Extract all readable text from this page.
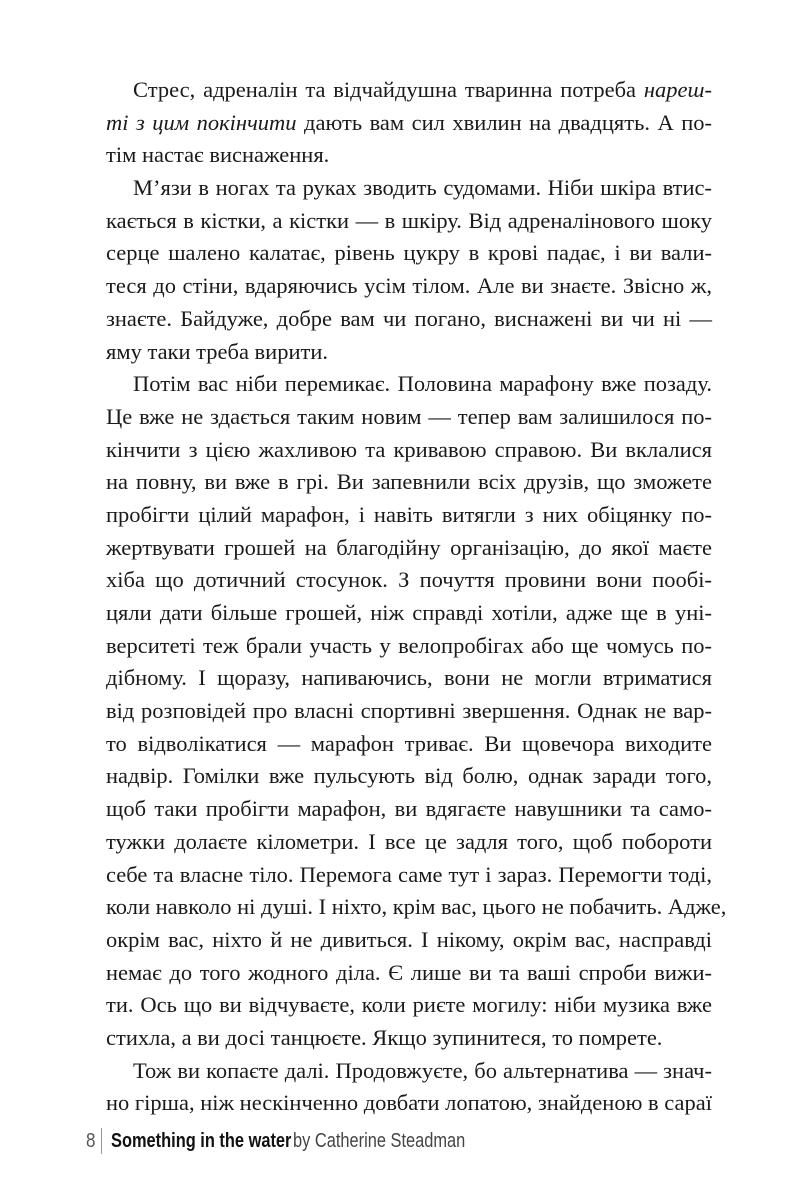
Стрес, адреналін та відчайдушна тваринна потреба нареш-
ті з цим покінчити дають вам сил хвилин на двадцять. А по-
тім настає виснаження.
М’язи в ногах та руках зводить судомами. Ніби шкіра втис-
кається в кістки, а кістки — в шкіру. Від адреналінового шоку
серце шалено калатає, рівень цукру в крові падає, і ви вали-
теся до стіни, вдаряючись усім тілом. Але ви знаєте. Звісно ж,
знаєте. Байдуже, добре вам чи погано, виснажені ви чи ні —
яму таки треба вирити.
Потім вас ніби перемикає. Половина марафону вже позаду.
Це вже не здається таким новим — тепер вам залишилося по-
кінчити з цією жахливою та кривавою справою. Ви вклалися
на повну, ви вже в грі. Ви запевнили всіх друзів, що зможете
пробігти цілий марафон, і навіть витягли з них обіцянку по-
жертвувати грошей на благодійну організацію, до якої маєте
хіба що дотичний стосунок. З почуття провини вони пообі-
цяли дати більше грошей, ніж справді хотіли, адже ще в уні-
верситеті теж брали участь у велопробігах або ще чомусь по-
дібному. І щоразу, напиваючись, вони не могли втриматися
від розповідей про власні спортивні звершення. Однак не вар-
то відволікатися — марафон триває. Ви щовечора виходите
надвір. Гомілки вже пульсують від болю, однак заради того,
щоб таки пробігти марафон, ви вдягаєте навушники та само-
тужки долаєте кілометри. І все це задля того, щоб побороти
себе та власне тіло. Перемога саме тут і зараз. Перемогти тоді,
коли навколо ні душі. І ніхто, крім вас, цього не побачить. Адже,
окрім вас, ніхто й не дивиться. І нікому, окрім вас, насправді
немає до того жодного діла. Є лише ви та ваші спроби вижи-
ти. Ось що ви відчуваєте, коли риєте могилу: ніби музика вже
стихла, а ви досі танцюєте. Якщо зупинитеся, то помрете.
Тож ви копаєте далі. Продовжуєте, бо альтернатива — знач-
но гірша, ніж нескінченно довбати лопатою, знайденою в сараї
8 Something in the water by Catherine Steadman
